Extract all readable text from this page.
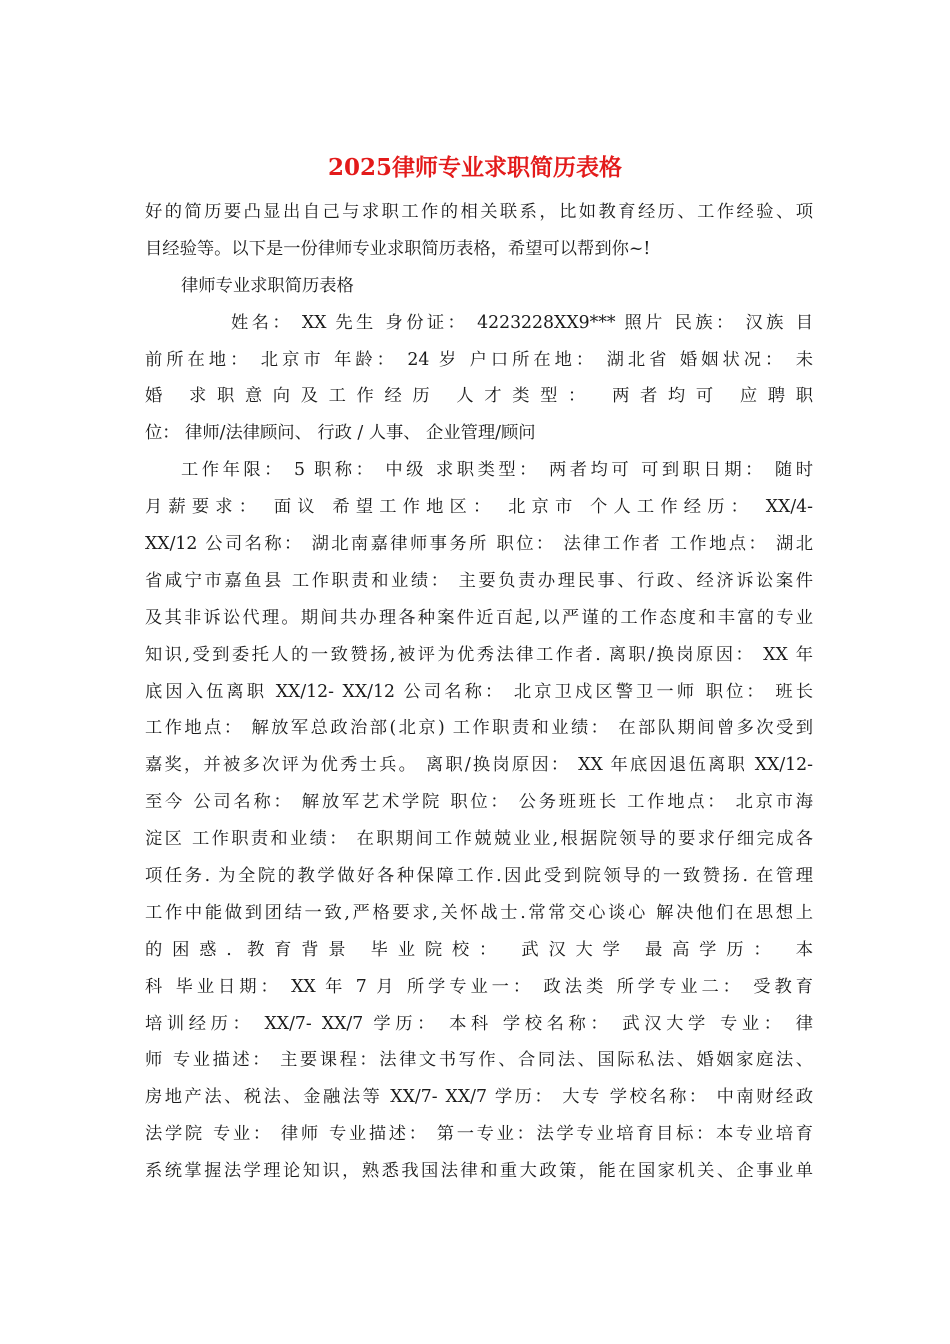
2025律师专业求职简历表格
好的简历要凸显出自己与求职工作的相关联系，比如教育经历、工作经验、项
目经验等。以下是一份律师专业求职简历表格，希望可以帮到你~!
律师专业求职简历表格
姓名： XX 先生 身份证： 4223228XX9*** 照片 民族： 汉族 目
前所在地： 北京市 年龄： 24 岁 户口所在地： 湖北省 婚姻状况： 未
婚 求职意向及工作经历 人才类型： 两者均可 应聘职
位： 律师/法律顾问、 行政 / 人事、 企业管理/顾问
工作年限： 5 职称： 中级 求职类型： 两者均可 可到职日期： 随时
月薪要求： 面议 希望工作地区： 北京市 个人工作经历： XX/4-
XX/12 公司名称： 湖北南嘉律师事务所 职位： 法律工作者 工作地点： 湖北
省咸宁市嘉鱼县 工作职责和业绩： 主要负责办理民事、行政、经济诉讼案件
及其非诉讼代理。期间共办理各种案件近百起,以严谨的工作态度和丰富的专业
知识,受到委托人的一致赞扬,被评为优秀法律工作者. 离职/换岗原因： XX 年
底因入伍离职 XX/12- XX/12 公司名称： 北京卫戍区警卫一师 职位： 班长
工作地点： 解放军总政治部(北京) 工作职责和业绩： 在部队期间曾多次受到
嘉奖，并被多次评为优秀士兵。 离职/换岗原因： XX 年底因退伍离职 XX/12-
至今 公司名称： 解放军艺术学院 职位： 公务班班长 工作地点： 北京市海
淀区 工作职责和业绩： 在职期间工作兢兢业业,根据院领导的要求仔细完成各
项任务. 为全院的教学做好各种保障工作.因此受到院领导的一致赞扬. 在管理
工作中能做到团结一致,严格要求,关怀战士.常常交心谈心 解决他们在思想上
的困惑. 教育背景 毕业院校： 武汉大学 最高学历： 本
科 毕业日期： XX 年 7 月 所学专业一： 政法类 所学专业二： 受教育
培训经历： XX/7- XX/7 学历： 本科 学校名称： 武汉大学 专业： 律
师 专业描述： 主要课程：法律文书写作、合同法、国际私法、婚姻家庭法、
房地产法、税法、金融法等 XX/7- XX/7 学历： 大专 学校名称： 中南财经政
法学院 专业： 律师 专业描述： 第一专业：法学专业培育目标：本专业培育
系统掌握法学理论知识，熟悉我国法律和重大政策，能在国家机关、企事业单
